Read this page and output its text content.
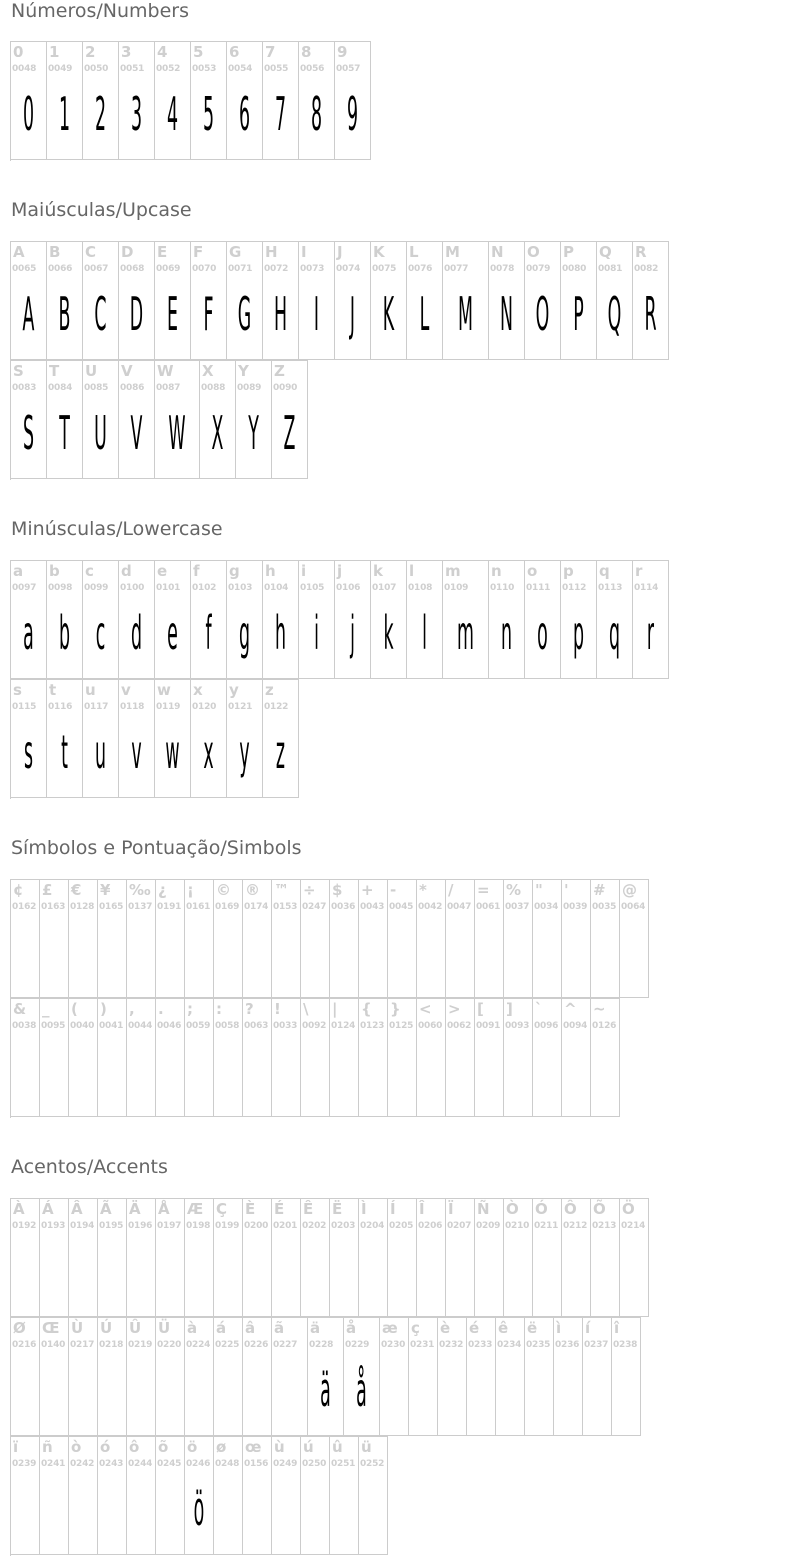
Números/Numbers
Maiúsculas/Upcase
Minúsculas/Lowercase
Símbolos e Pontuação/Simbols
Acentos/Accents
0
0048
0
1
0049
1
2
0050
2
3
0051
3
4
0052
4
5
0053
5
6
0054
6
7
0055
7
8
0056
8
9
0057
9
A
0065
A
B
0066
B
C
0067
C
D
0068
D
E
0069
E
F
0070
F
G
0071
G
H
0072
H
I
0073
I
J
0074
J
K
0075
K
L
0076
L
M
0077
M
N
0078
N
O
0079
O
P
0080
P
Q
0081
Q
R
0082
R
S
0083
S
T
0084
T
U
0085
U
V
0086
V
W
0087
W
X
0088
X
Y
0089
Y
Z
0090
Z
a
0097
a
b
0098
b
c
0099
c
d
0100
d
e
0101
e
f
0102
f
g
0103
g
h
0104
h
i
0105
i
j
0106
j
k
0107
k
l
0108
l
m
0109
m
n
0110
n
o
0111
o
p
0112
p
q
0113
q
r
0114
r
s
0115
s
t
0116
t
u
0117
u
v
0118
v
w
0119
w
x
0120
x
y
0121
y
z
0122
z
¢
0162
£
0163
€
0128
¥
0165
‰
0137
¿
0191
¡
0161
©
0169
®
0174
™
0153
÷
0247
$
0036
+
0043
-
0045
*
0042
/
0047
=
0061
%
0037
"
0034
'
0039
#
0035
@
0064
&
0038
_
0095
(
0040
)
0041
,
0044
.
0046
;
0059
:
0058
?
0063
!
0033
\
0092
|
0124
{
0123
}
0125
<
0060
>
0062
[
0091
]
0093
`
0096
^
0094
~
0126
À
0192
Á
0193
Â
0194
Ã
0195
Ä
0196
Å
0197
Æ
0198
Ç
0199
È
0200
É
0201
Ê
0202
Ë
0203
Ì
0204
Í
0205
Î
0206
Ï
0207
Ñ
0209
Ò
0210
Ó
0211
Ô
0212
Õ
0213
Ö
0214
Ø
0216
Œ
0140
Ù
0217
Ú
0218
Û
0219
Ü
0220
à
0224
á
0225
â
0226
ã
0227
ä
0228
ä
å
0229
å
æ
0230
ç
0231
è
0232
é
0233
ê
0234
ë
0235
ì
0236
í
0237
î
0238
ï
0239
ñ
0241
ò
0242
ó
0243
ô
0244
õ
0245
ö
0246
ö
ø
0248
œ
0156
ù
0249
ú
0250
û
0251
ü
0252
